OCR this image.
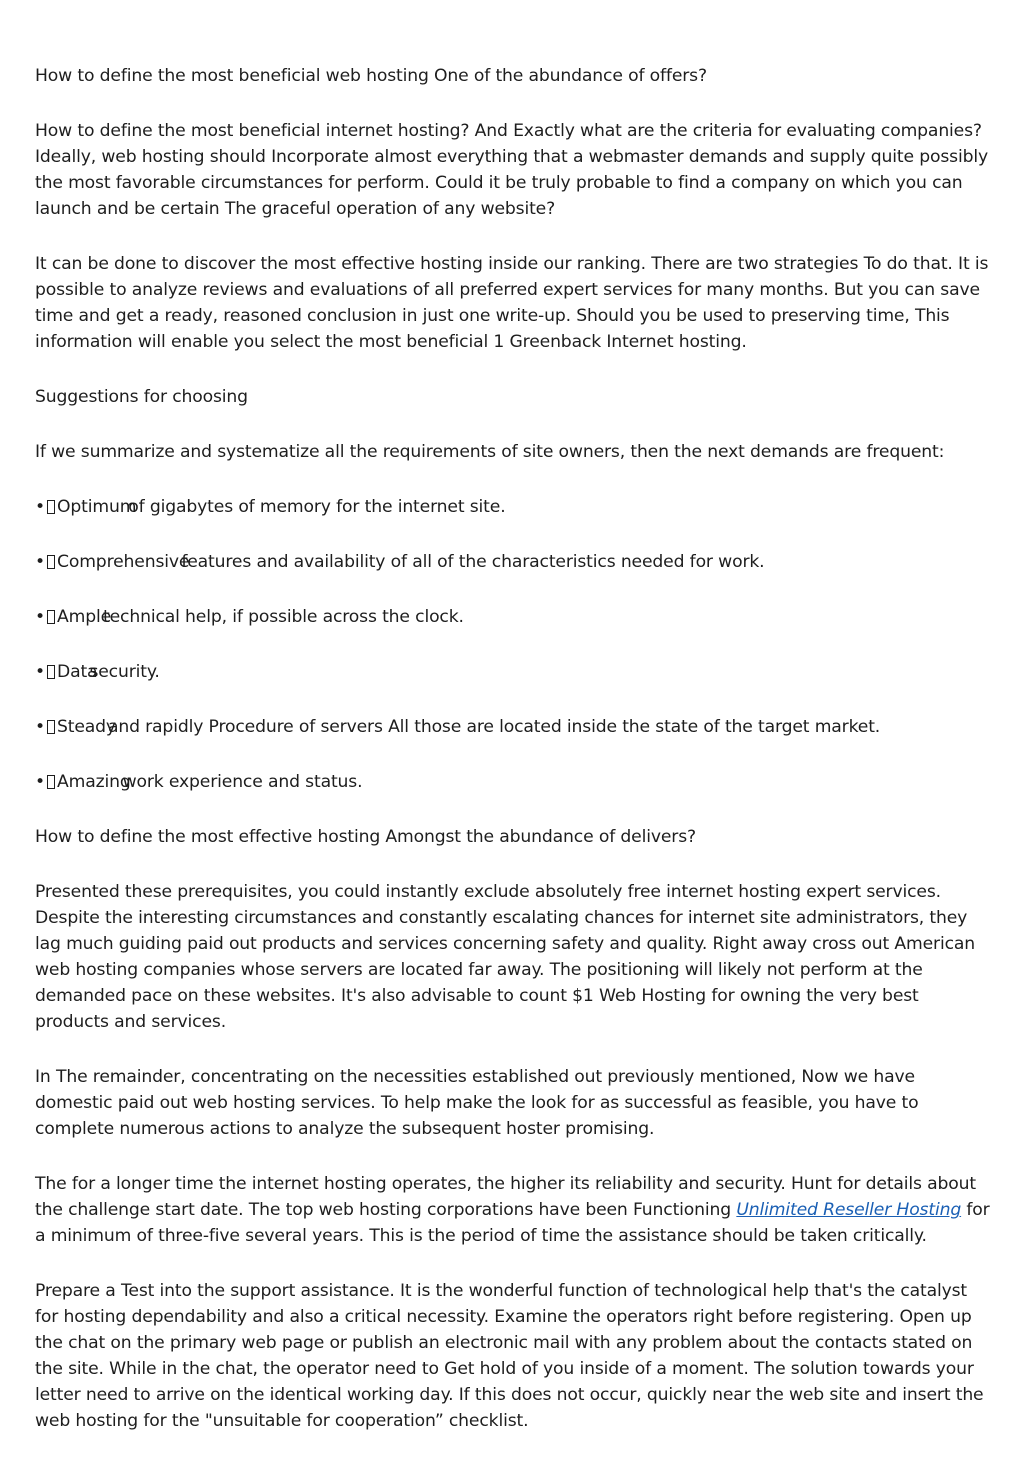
How to define the most beneficial web hosting One of the abundance of offers?

How to define the most beneficial internet hosting? And Exactly what are the criteria for evaluating companies? Ideally, web hosting should Incorporate almost everything that a webmaster demands and supply quite possibly the most favorable circumstances for perform. Could it be truly probable to find a company on which you can launch and be certain The graceful operation of any website?

It can be done to discover the most effective hosting inside our ranking. There are two strategies To do that. It is possible to analyze reviews and evaluations of all preferred expert services for many months. But you can save time and get a ready, reasoned conclusion in just one write-up. Should you be used to preserving time, This information will enable you select the most beneficial 1 Greenback Internet hosting.

Suggestions for choosing

If we summarize and systematize all the requirements of site owners, then the next demands are frequent:

• Optimumof gigabytes of memory for the internet site.
• Comprehensivefeatures and availability of all of the characteristics needed for work.
• Ampletechnical help, if possible across the clock.
• Datasecurity.
• Steadyand rapidly Procedure of servers All those are located inside the state of the target market.
• Amazingwork experience and status.

How to define the most effective hosting Amongst the abundance of delivers?

Presented these prerequisites, you could instantly exclude absolutely free internet hosting expert services. Despite the interesting circumstances and constantly escalating chances for internet site administrators, they lag much guiding paid out products and services concerning safety and quality. Right away cross out American web hosting companies whose servers are located far away. The positioning will likely not perform at the demanded pace on these websites. It's also advisable to count $1 Web Hosting for owning the very best products and services.

In The remainder, concentrating on the necessities established out previously mentioned, Now we have domestic paid out web hosting services. To help make the look for as successful as feasible, you have to complete numerous actions to analyze the subsequent hoster promising.

The for a longer time the internet hosting operates, the higher its reliability and security. Hunt for details about the challenge start date. The top web hosting corporations have been Functioning Unlimited Reseller Hosting for a minimum of three-five several years. This is the period of time the assistance should be taken critically.

Prepare a Test into the support assistance. It is the wonderful function of technological help that's the catalyst for hosting dependability and also a critical necessity. Examine the operators right before registering. Open up the chat on the primary web page or publish an electronic mail with any problem about the contacts stated on the site. While in the chat, the operator need to Get hold of you inside of a moment. The solution towards your letter need to arrive on the identical working day. If this does not occur, quickly near the web site and insert the web hosting for the "unsuitable for cooperation” checklist.
